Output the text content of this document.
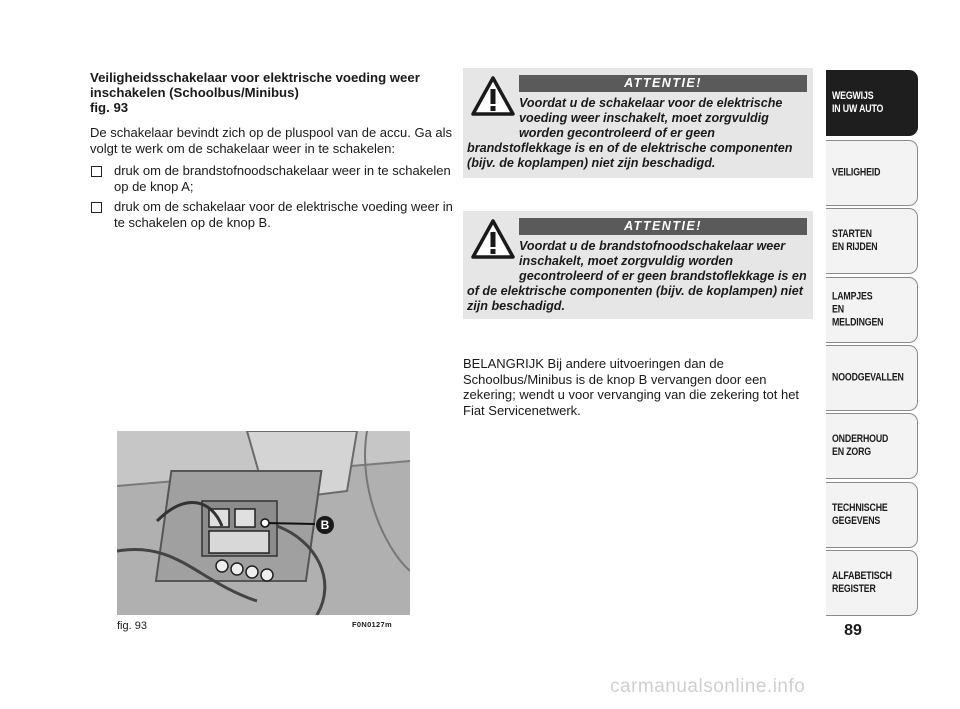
Veiligheidsschakelaar voor elektrische voeding weer inschakelen (Schoolbus/Minibus)
fig. 93
De schakelaar bevindt zich op de pluspool van de accu. Ga als volgt te werk om de schakelaar weer in te schakelen:
druk om de brandstofnoodschakelaar weer in te schakelen op de knop A;
druk om de schakelaar voor de elektrische voeding weer in te schakelen op de knop B.
ATTENTIE!
Voordat u de schakelaar voor de elektrische voeding weer inschakelt, moet zorgvuldig worden gecontroleerd of er geen brandstoflekkage is en of de elektrische componenten (bijv. de koplampen) niet zijn beschadigd.
ATTENTIE!
Voordat u de brandstofnoodschakelaar weer inschakelt, moet zorgvuldig worden gecontroleerd of er geen brandstoflekkage is en of de elektrische componenten (bijv. de koplampen) niet zijn beschadigd.
BELANGRIJK Bij andere uitvoeringen dan de Schoolbus/Minibus is de knop B vervangen door een zekering; wendt u voor vervanging van die zekering tot het Fiat Servicenetwerk.
B
fig. 93	F0N0127m
WEGWIJS
IN UW AUTO
VEILIGHEID
STARTEN
EN RIJDEN
LAMPJES
EN MELDINGEN
NOODGEVALLEN
ONDERHOUD
EN ZORG
TECHNISCHE
GEGEVENS
ALFABETISCH
REGISTER
89
carmanualsonline.info
